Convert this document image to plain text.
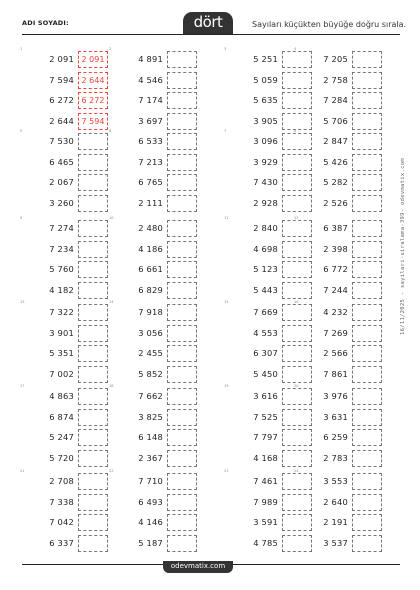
ADI SOYADI:	dört	Sayıları küçükten büyüğe doğru sırala.
1
2 091 2 091
7 594 2 644
6 272 6 272
2 644 7 594
2
4 891
4 546
7 174
3 697
3
5 251
5 059
5 635
3 905
4
7 205
2 758
7 284
5 706
5
7 530
6 465
2 067
3 260
6
6 533
7 213
6 765
2 111
7
3 096
3 929
7 430
2 928
8
2 847
5 426
5 282
2 526
9
7 274
7 234
5 760
4 182
10
2 480
4 186
6 661
6 829
11
2 840
4 698
5 123
5 443
12
6 387
2 398
6 772
7 244
13
7 322
3 901
5 351
7 002
14
7 918
3 056
2 455
5 852
15
7 669
4 553
6 307
5 450
16
4 232
7 269
2 566
7 861
17
4 863
6 874
5 247
5 720
18
7 662
3 825
6 148
2 367
19
3 616
7 525
7 797
4 168
20
3 976
3 631
6 259
2 783
21
2 708
7 338
7 042
6 337
22
7 710
6 493
4 146
5 187
23
7 461
7 989
3 591
4 785
24
3 553
2 640
2 191
3 537
odevmatix.com
16/11/2025 - sayilari-siralama-399- odevmatix.com
